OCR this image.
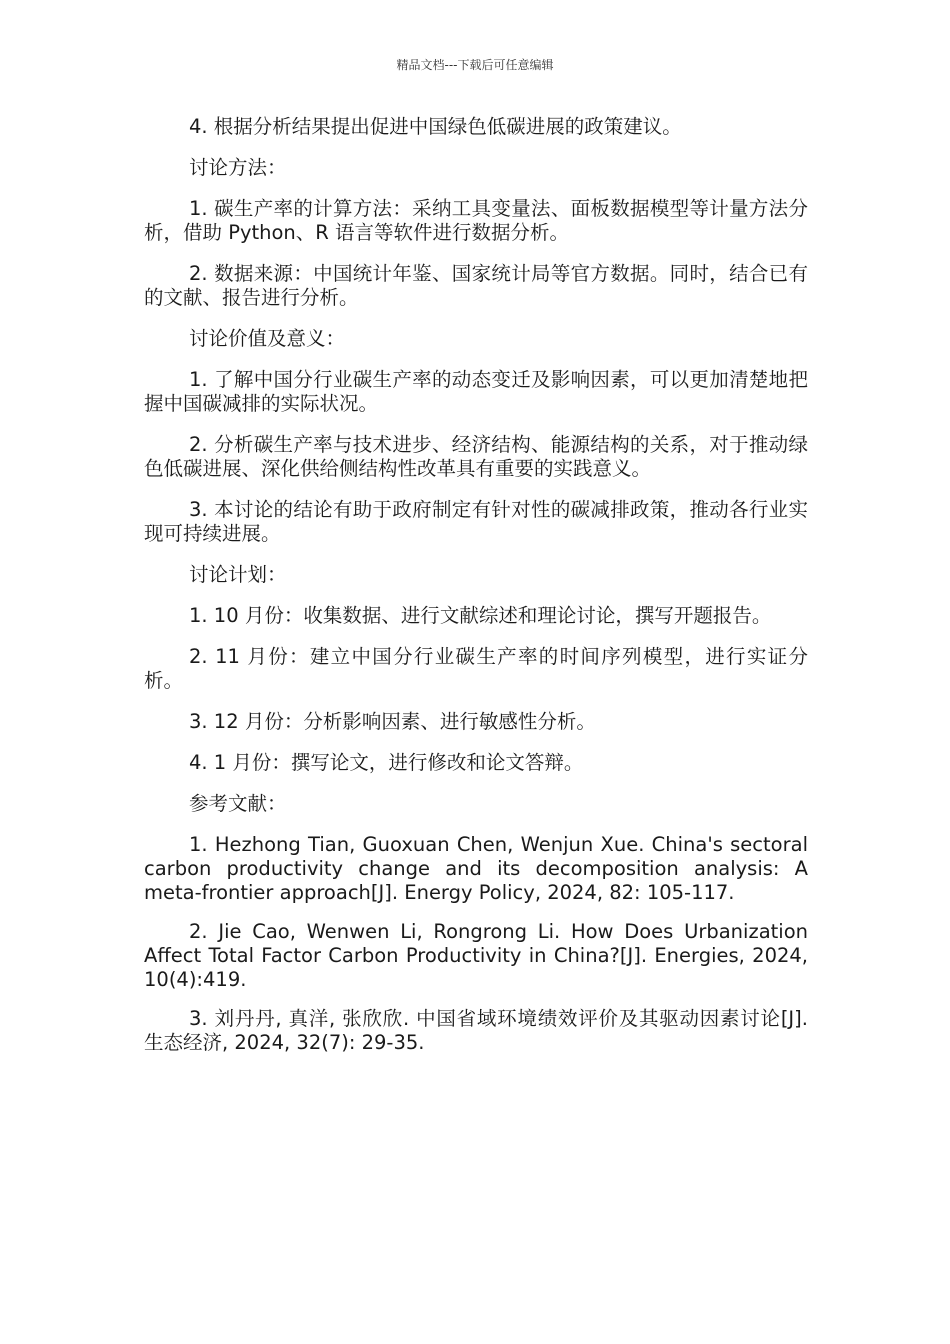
精品文档---下载后可任意编辑

4. 根据分析结果提出促进中国绿色低碳进展的政策建议。

讨论方法：

1. 碳生产率的计算方法：采纳工具变量法、面板数据模型等计量方法分析，借助 Python、R 语言等软件进行数据分析。

2. 数据来源：中国统计年鉴、国家统计局等官方数据。同时，结合已有的文献、报告进行分析。

讨论价值及意义：

1. 了解中国分行业碳生产率的动态变迁及影响因素，可以更加清楚地把握中国碳减排的实际状况。

2. 分析碳生产率与技术进步、经济结构、能源结构的关系，对于推动绿色低碳进展、深化供给侧结构性改革具有重要的实践意义。

3. 本讨论的结论有助于政府制定有针对性的碳减排政策，推动各行业实现可持续进展。

讨论计划：

1. 10 月份：收集数据、进行文献综述和理论讨论，撰写开题报告。

2. 11 月份：建立中国分行业碳生产率的时间序列模型，进行实证分析。

3. 12 月份：分析影响因素、进行敏感性分析。

4. 1 月份：撰写论文，进行修改和论文答辩。

参考文献：

1. Hezhong Tian, Guoxuan Chen, Wenjun Xue. China's sectoral carbon productivity change and its decomposition analysis: A meta-frontier approach[J]. Energy Policy, 2024, 82: 105-117.

2. Jie Cao, Wenwen Li, Rongrong Li. How Does Urbanization Affect Total Factor Carbon Productivity in China?[J]. Energies, 2024, 10(4):419.

3. 刘丹丹, 真洋, 张欣欣. 中国省域环境绩效评价及其驱动因素讨论[J]. 生态经济, 2024, 32(7): 29-35.
